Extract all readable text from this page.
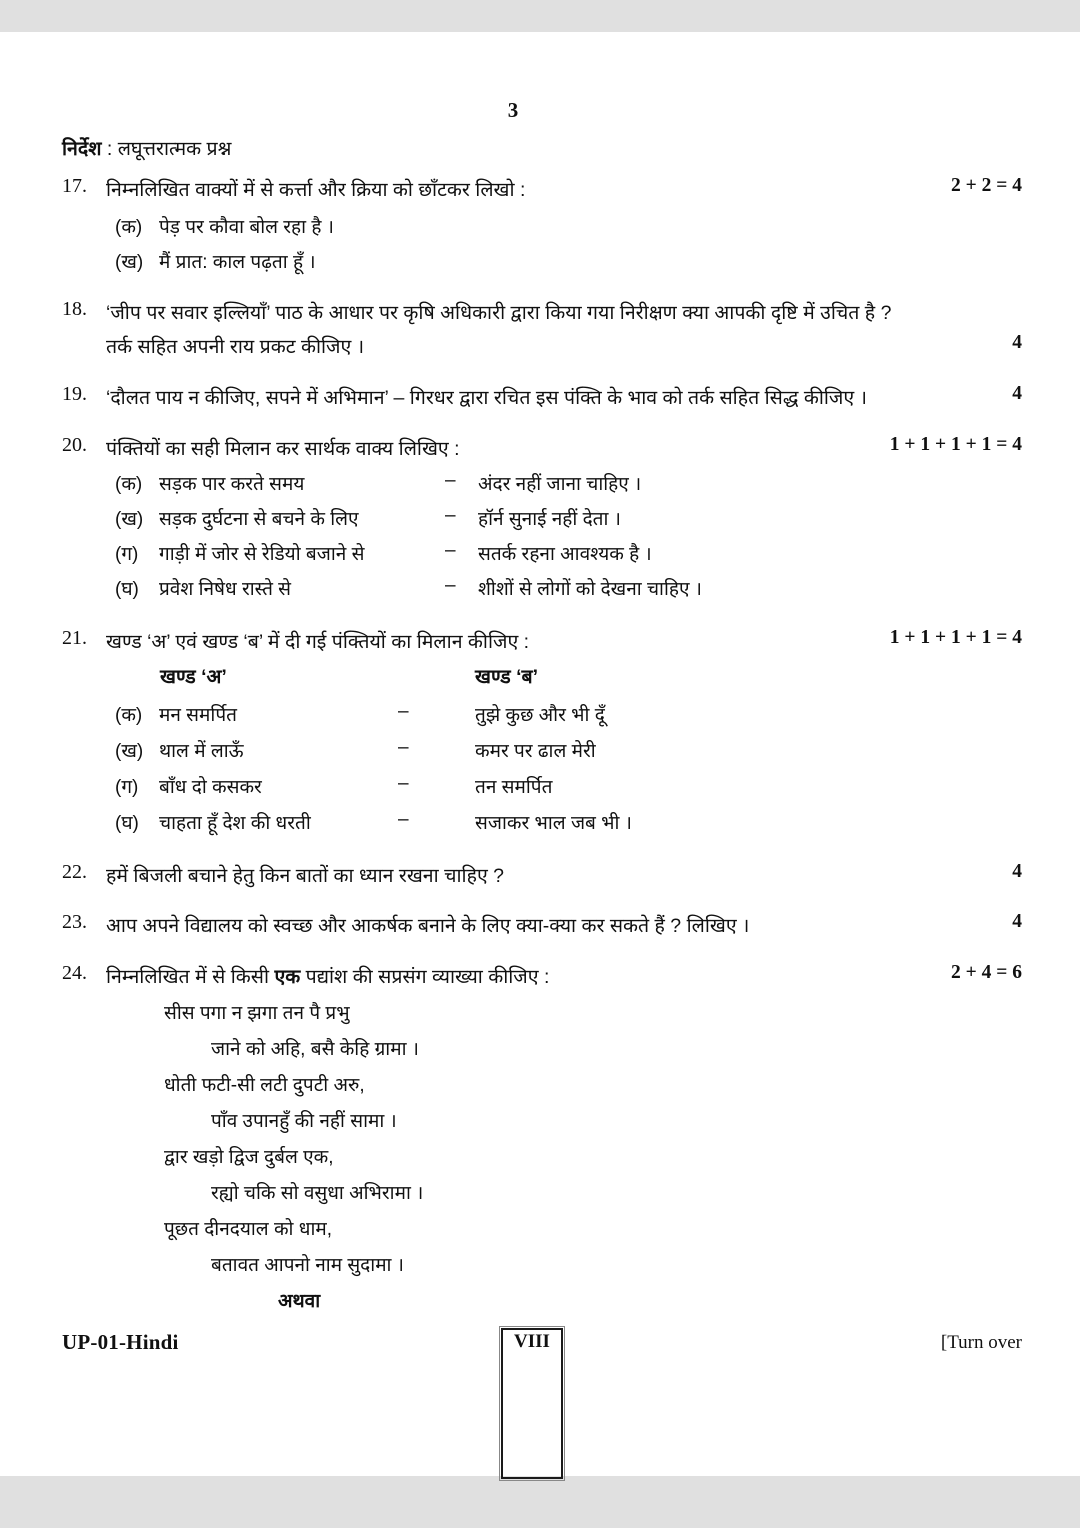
3
निर्देश : लघूत्तरात्मक प्रश्न
17. निम्नलिखित वाक्यों में से कर्त्ता और क्रिया को छाँटकर लिखो :	2 + 2 = 4
(क) पेड़ पर कौवा बोल रहा है ।
(ख) मैं प्रात: काल पढ़ता हूँ ।
18. ‘जीप पर सवार इल्लियाँ’ पाठ के आधार पर कृषि अधिकारी द्वारा किया गया निरीक्षण क्या आपकी दृष्टि में उचित है ?
तर्क सहित अपनी राय प्रकट कीजिए ।	4
19. ‘दौलत पाय न कीजिए, सपने में अभिमान’ – गिरधर द्वारा रचित इस पंक्ति के भाव को तर्क सहित सिद्ध कीजिए ।	4
20. पंक्तियों का सही मिलान कर सार्थक वाक्य लिखिए :	1 + 1 + 1 + 1 = 4
(क) सड़क पार करते समय	– अंदर नहीं जाना चाहिए ।
(ख) सड़क दुर्घटना से बचने के लिए	– हॉर्न सुनाई नहीं देता ।
(ग) गाड़ी में जोर से रेडियो बजाने से	– सतर्क रहना आवश्यक है ।
(घ) प्रवेश निषेध रास्ते से	– शीशों से लोगों को देखना चाहिए ।
21. खण्ड ‘अ’ एवं खण्ड ‘ब’ में दी गई पंक्तियों का मिलान कीजिए :	1 + 1 + 1 + 1 = 4
खण्ड ‘अ’	खण्ड ‘ब’
(क) मन समर्पित	–	तुझे कुछ और भी दूँ
(ख) थाल में लाऊँ	–	कमर पर ढाल मेरी
(ग) बाँध दो कसकर	–	तन समर्पित
(घ) चाहता हूँ देश की धरती	–	सजाकर भाल जब भी ।
22. हमें बिजली बचाने हेतु किन बातों का ध्यान रखना चाहिए ?	4
23. आप अपने विद्यालय को स्वच्छ और आकर्षक बनाने के लिए क्या-क्या कर सकते हैं ? लिखिए ।	4
24. निम्नलिखित में से किसी एक पद्यांश की सप्रसंग व्याख्या कीजिए :	2 + 4 = 6
सीस पगा न झगा तन पै प्रभु
जाने को अहि, बसै केहि ग्रामा ।
धोती फटी-सी लटी दुपटी अरु,
पाँव उपानहुँ की नहीं सामा ।
द्वार खड़ो द्विज दुर्बल एक,
रह्यो चकि सो वसुधा अभिरामा ।
पूछत दीनदयाल को धाम,
बतावत आपनो नाम सुदामा ।
अथवा
UP-01-Hindi	VIII	[Turn over
